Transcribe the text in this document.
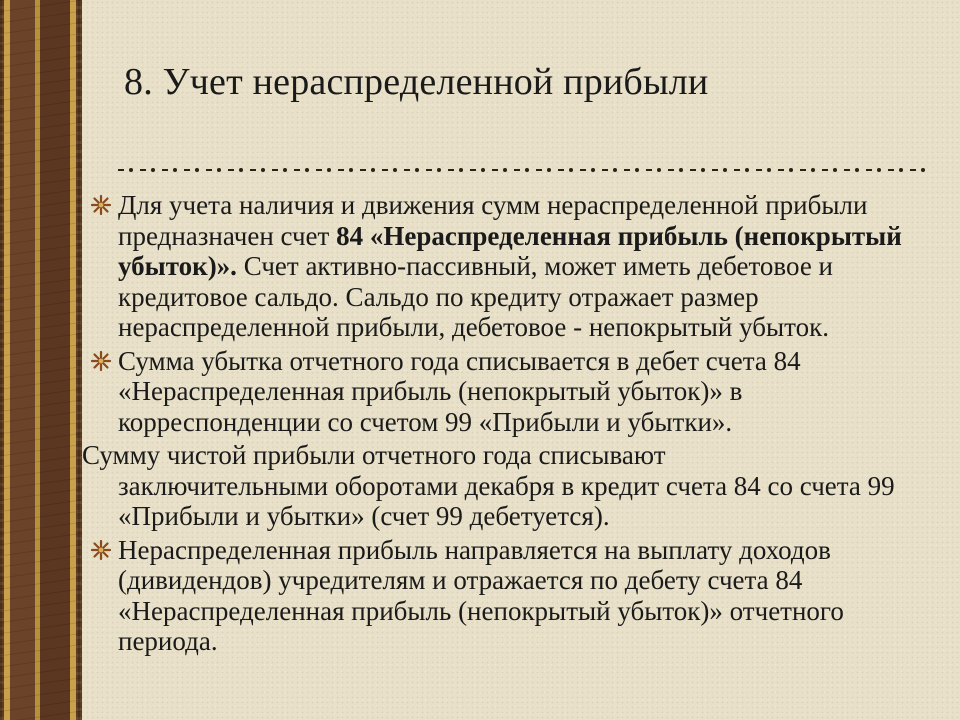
8. Учет нераспределенной прибыли

Для учета наличия и движения сумм нераспределенной прибыли предназначен счет 84 «Нераспределенная прибыль (непокрытый убыток)». Счет активно-пассивный, может иметь дебетовое и кредитовое сальдо. Сальдо по кредиту отражает размер нераспределенной прибыли, дебетовое - непокрытый убыток.

Сумма убытка отчетного года списывается в дебет счета 84 «Нераспределенная прибыль (непокрытый убыток)» в корреспонденции со счетом 99 «Прибыли и убытки».

Сумму чистой прибыли отчетного года списывают
заключительными оборотами декабря в кредит счета 84 со счета 99 «Прибыли и убытки» (счет 99 дебетуется).

Нераспределенная прибыль направляется на выплату доходов (дивидендов) учредителям и отражается по дебету счета 84 «Нераспределенная прибыль (непокрытый убыток)» отчетного периода.
